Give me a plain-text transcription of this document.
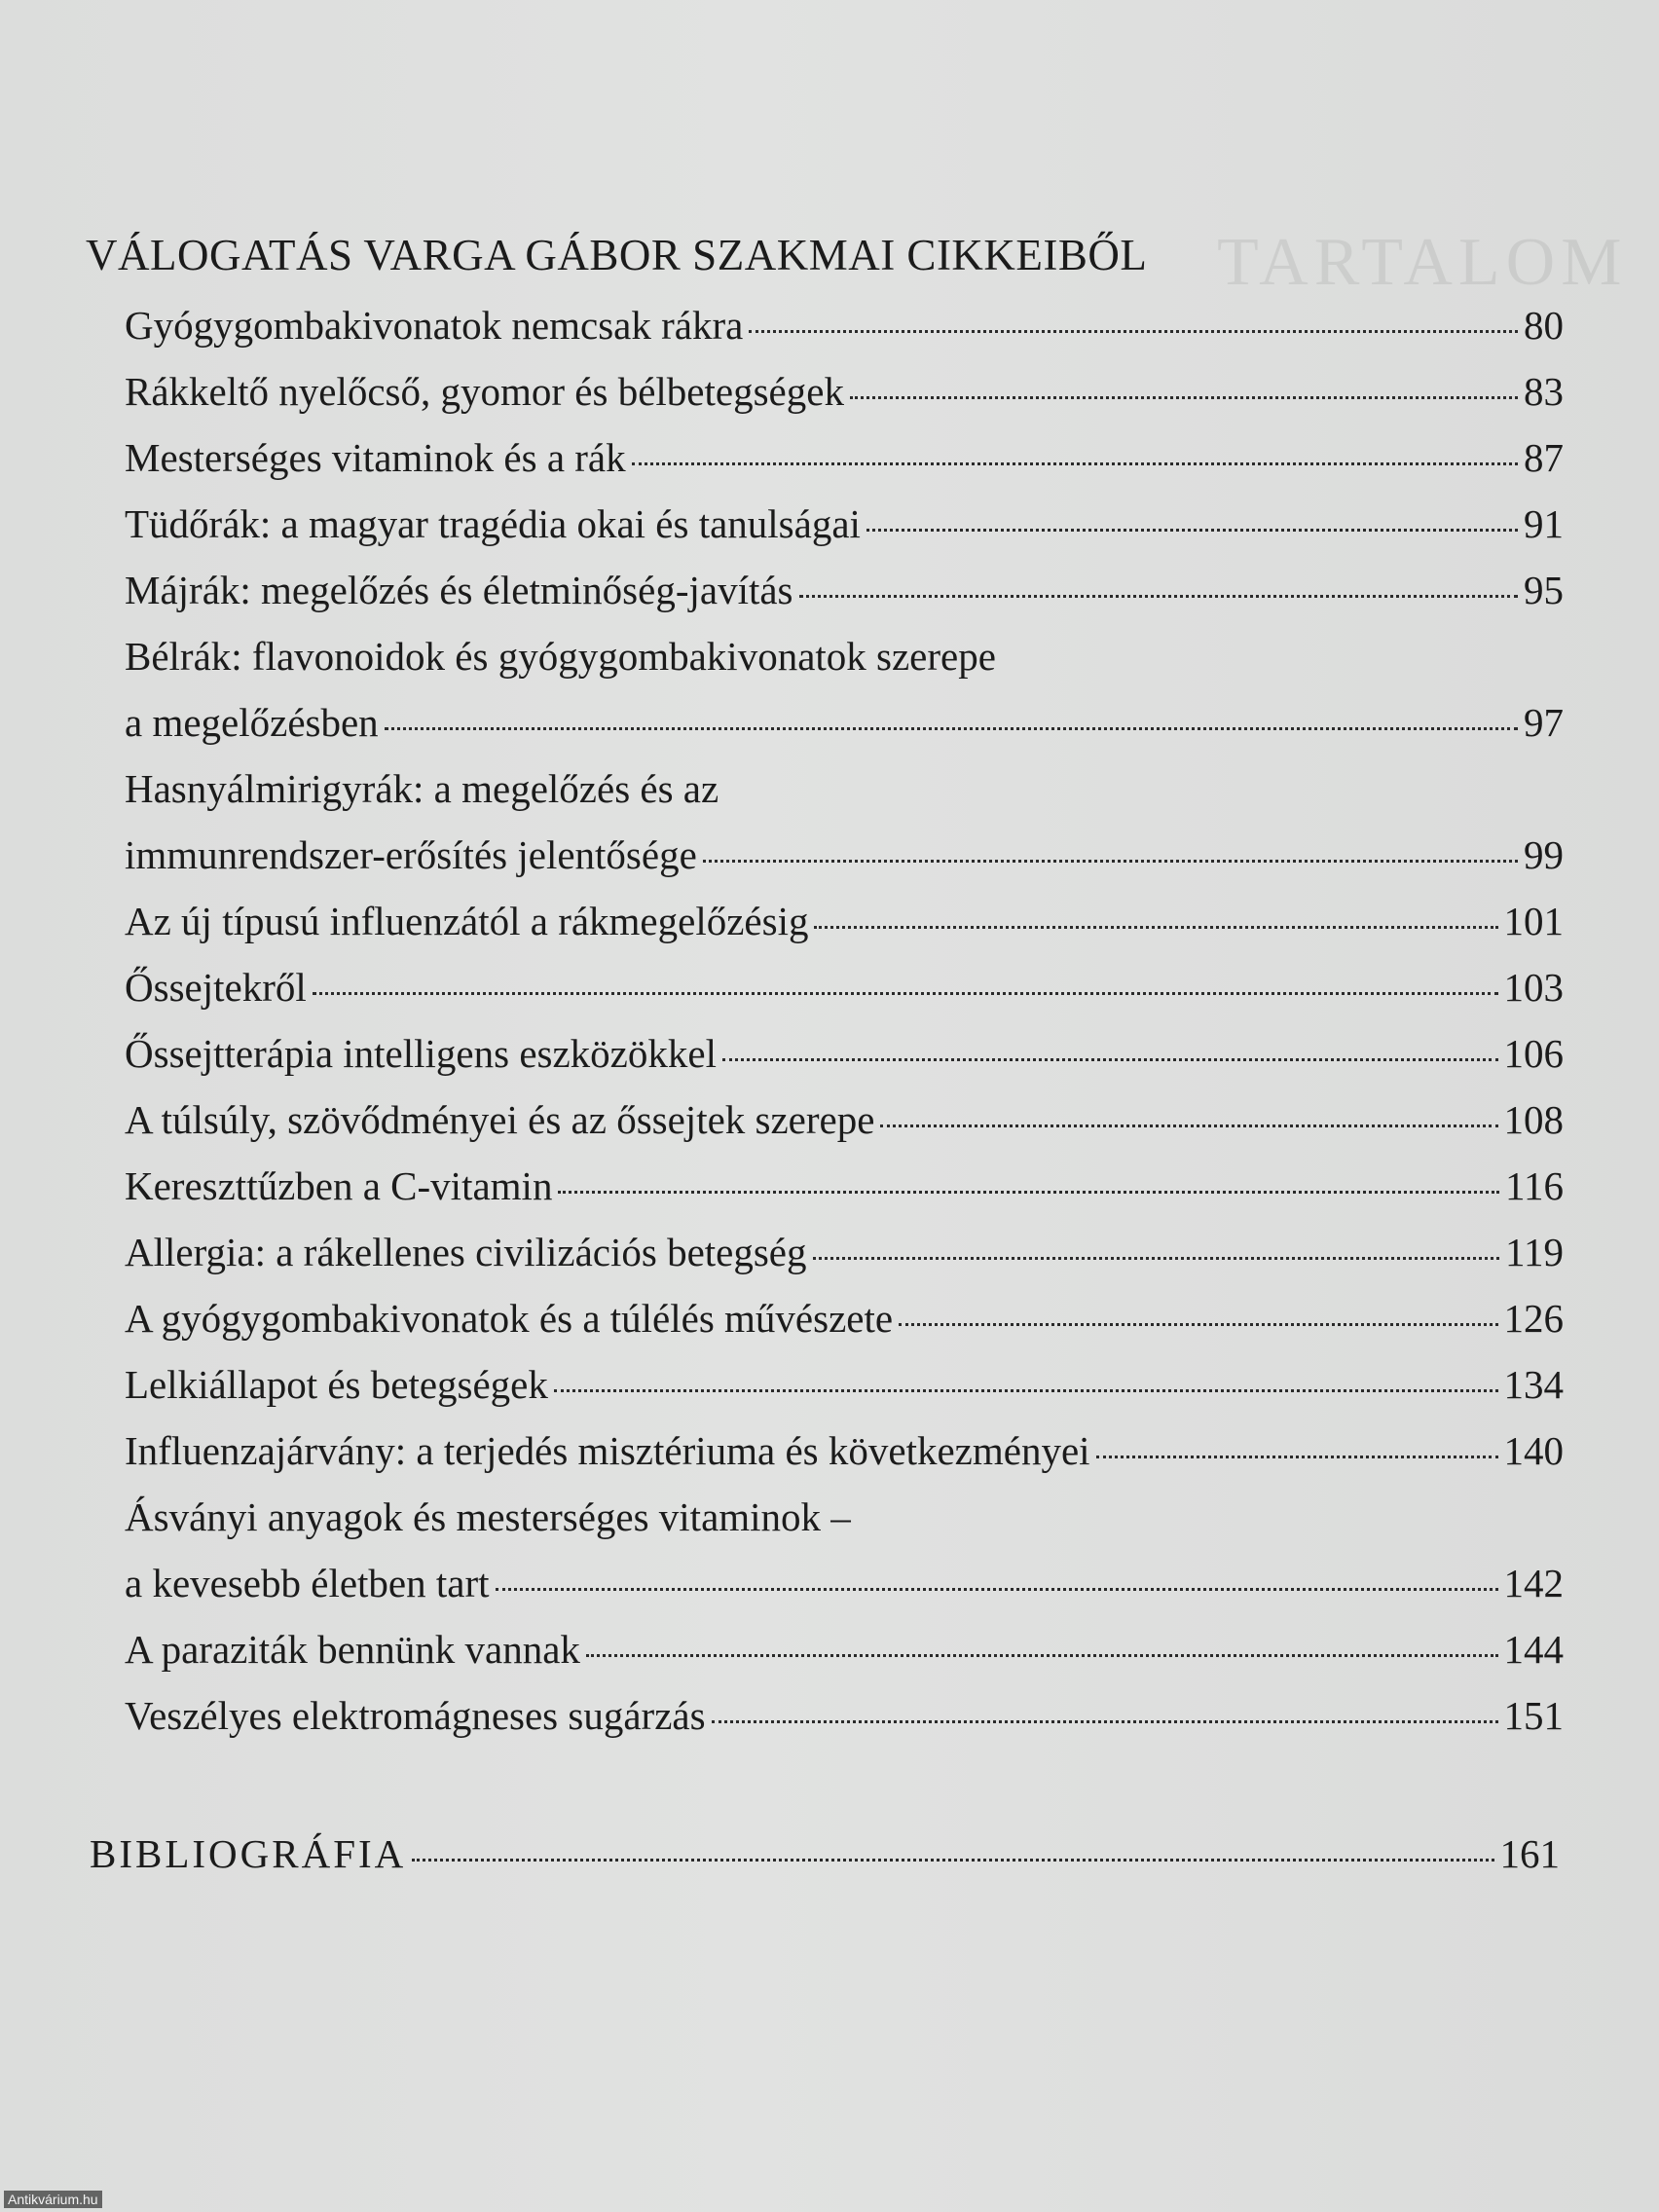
TARTALOM
VÁLOGATÁS VARGA GÁBOR SZAKMAI CIKKEIBŐL
Gyógygombakivonatok nemcsak rákra	80
Rákkeltő nyelőcső, gyomor és bélbetegségek	83
Mesterséges vitaminok és a rák	87
Tüdőrák: a magyar tragédia okai és tanulságai	91
Májrák: megelőzés és életminőség-javítás	95
Bélrák: flavonoidok és gyógygombakivonatok szerepe
a megelőzésben	97
Hasnyálmirigyrák: a megelőzés és az
immunrendszer-erősítés jelentősége	99
Az új típusú influenzától a rákmegelőzésig	101
Őssejtekről	103
Őssejtterápia intelligens eszközökkel	106
A túlsúly, szövődményei és az őssejtek szerepe	108
Kereszttűzben a C-vitamin	116
Allergia: a rákellenes civilizációs betegség	119
A gyógygombakivonatok és a túlélés művészete	126
Lelkiállapot és betegségek	134
Influenzajárvány: a terjedés misztériuma és következményei	140
Ásványi anyagok és mesterséges vitaminok –
a kevesebb életben tart	142
A paraziták bennünk vannak	144
Veszélyes elektromágneses sugárzás	151
BIBLIOGRÁFIA	161
Antikvárium.hu
